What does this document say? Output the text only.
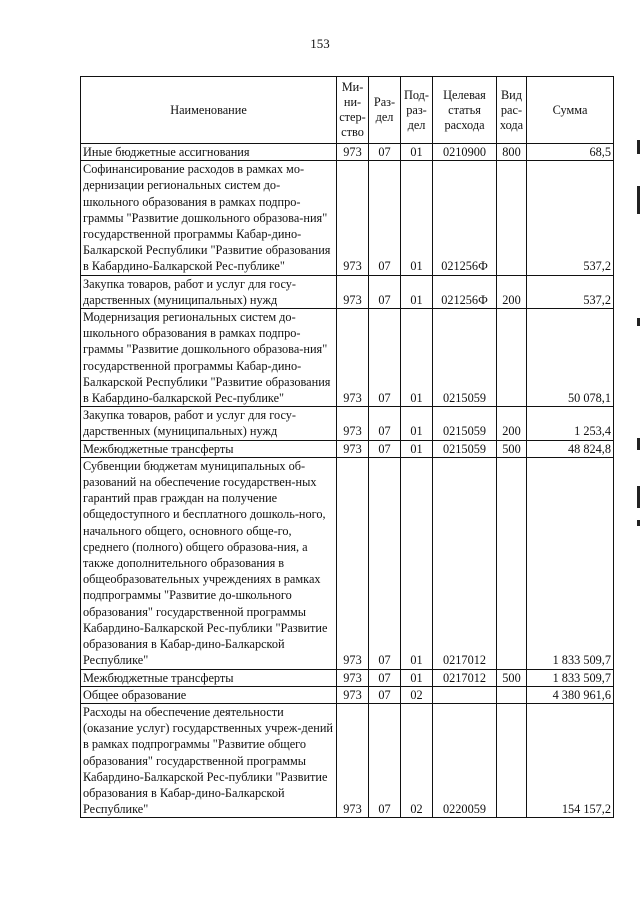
153
Наименование	Ми-ни-стер-ство	Раз-дел	Под-раз-дел	Целевая статья расхода	Вид рас-хода	Сумма
Иные бюджетные ассигнования	973	07	01	0210900	800	68,5
Софинансирование расходов в рамках мо-дернизации региональных систем до-школьного образования в рамках подпро-граммы "Развитие дошкольного образова-ния" государственной программы Кабар-дино-Балкарской Республики "Развитие образования в Кабардино-Балкарской Рес-публике"	973	07	01	021256Ф		537,2
Закупка товаров, работ и услуг для госу-дарственных (муниципальных) нужд	973	07	01	021256Ф	200	537,2
Модернизация региональных систем до-школьного образования в рамках подпро-граммы "Развитие дошкольного образова-ния" государственной программы Кабар-дино-Балкарской Республики "Развитие образования в Кабардино-балкарской Рес-публике"	973	07	01	0215059		50 078,1
Закупка товаров, работ и услуг для госу-дарственных (муниципальных) нужд	973	07	01	0215059	200	1 253,4
Межбюджетные трансферты	973	07	01	0215059	500	48 824,8
Субвенции бюджетам муниципальных об-разований на обеспечение государствен-ных гарантий прав граждан на получение общедоступного и бесплатного дошколь-ного, начального общего, основного обще-го, среднего (полного) общего образова-ния, а также дополнительного образования в общеобразовательных учреждениях в рамках подпрограммы "Развитие до-школьного образования" государственной программы Кабардино-Балкарской Рес-публики "Развитие образования в Кабар-дино-Балкарской Республике"	973	07	01	0217012		1 833 509,7
Межбюджетные трансферты	973	07	01	0217012	500	1 833 509,7
Общее образование	973	07	02			4 380 961,6
Расходы на обеспечение деятельности (оказание услуг) государственных учреж-дений в рамках подпрограммы "Развитие общего образования" государственной программы Кабардино-Балкарской Рес-публики "Развитие образования в Кабар-дино-Балкарской Республике"	973	07	02	0220059		154 157,2
